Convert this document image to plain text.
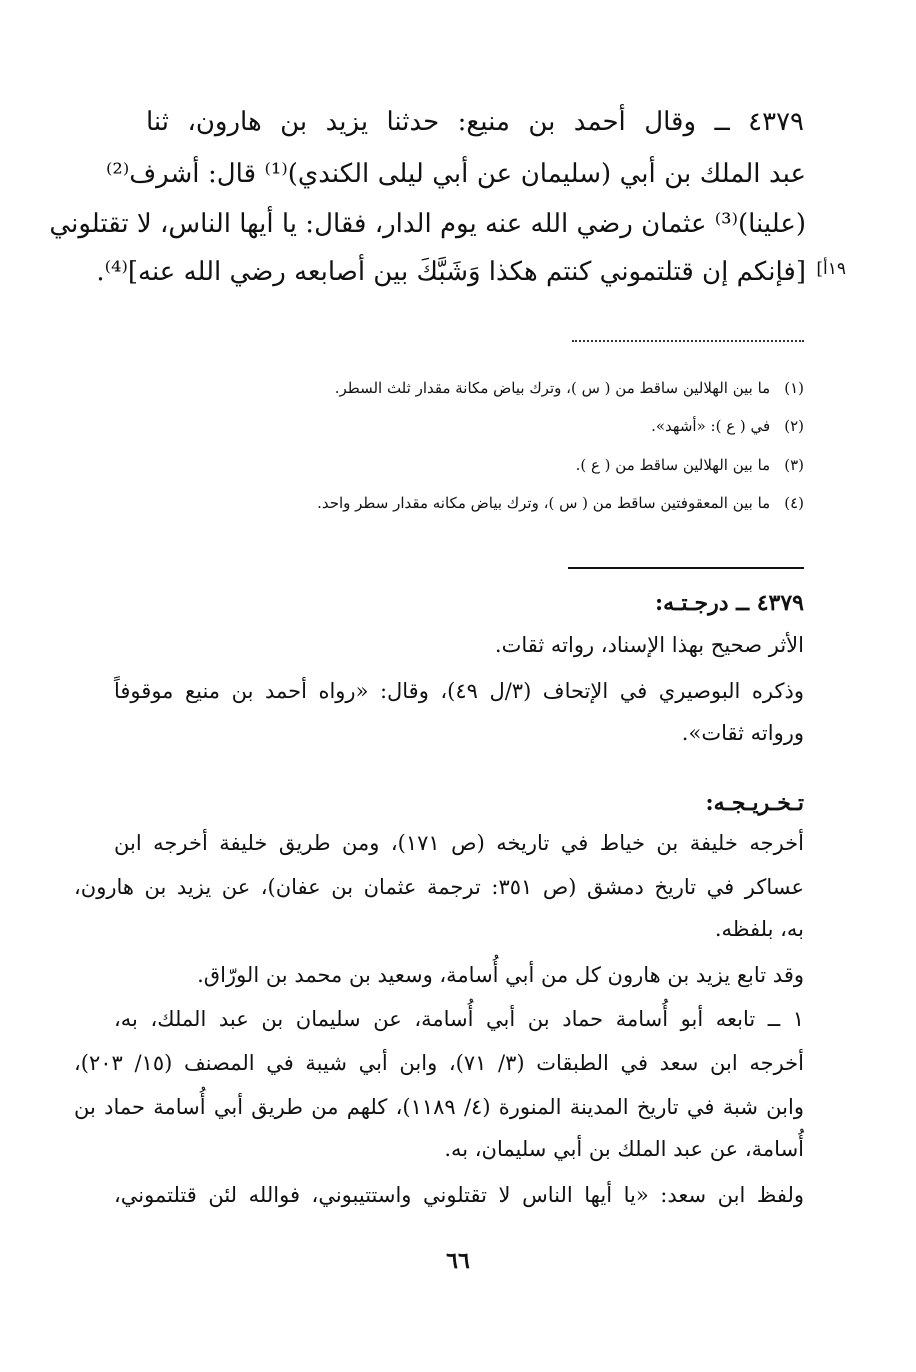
٤٣٧٩ ــ وقال أحمد بن منيع: حدثنا يزيد بن هارون، ثنا
عبد الملك بن أبي (سليمان عن أبي ليلى الكندي)⁽¹⁾ قال: أشرف⁽²⁾
(علينا)⁽³⁾ عثمان رضي الله عنه يوم الدار، فقال: يا أيها الناس، لا تقتلوني
[فإنكم إن قتلتموني كنتم هكذا وَشَبَّكَ بين أصابعه رضي الله عنه]⁽⁴⁾. ١٩أ]
(١)ما بين الهلالين ساقط من ( س )، وترك بياض مكانة مقدار ثلث السطر.
(٢)في ( ع ): «أشهد».
(٣)ما بين الهلالين ساقط من ( ع ).
(٤)ما بين المعقوفتين ساقط من ( س )، وترك بياض مكانه مقدار سطر واحد.
٤٣٧٩ ــ درجـتـه:
الأثر صحيح بهذا الإسناد، رواته ثقات.
وذكره البوصيري في الإتحاف (٣/ل ٤٩)، وقال: «رواه أحمد بن منيع موقوفاً
ورواته ثقات».
تـخـريـجـه:
أخرجه خليفة بن خياط في تاريخه (ص ١٧١)، ومن طريق خليفة أخرجه ابن
عساكر في تاريخ دمشق (ص ٣٥١: ترجمة عثمان بن عفان)، عن يزيد بن هارون،
به، بلفظه.
وقد تابع يزيد بن هارون كل من أبي أُسامة، وسعيد بن محمد بن الورّاق.
١ ــ تابعه أبو أُسامة حماد بن أبي أُسامة، عن سليمان بن عبد الملك، به،
أخرجه ابن سعد في الطبقات (٣/ ٧١)، وابن أبي شيبة في المصنف (١٥/ ٢٠٣)،
وابن شبة في تاريخ المدينة المنورة (٤/ ١١٨٩)، كلهم من طريق أبي أُسامة حماد بن
أُسامة، عن عبد الملك بن أبي سليمان، به.
ولفظ ابن سعد: «يا أيها الناس لا تقتلوني واستتيبوني، فوالله لئن قتلتموني،
٦٦
